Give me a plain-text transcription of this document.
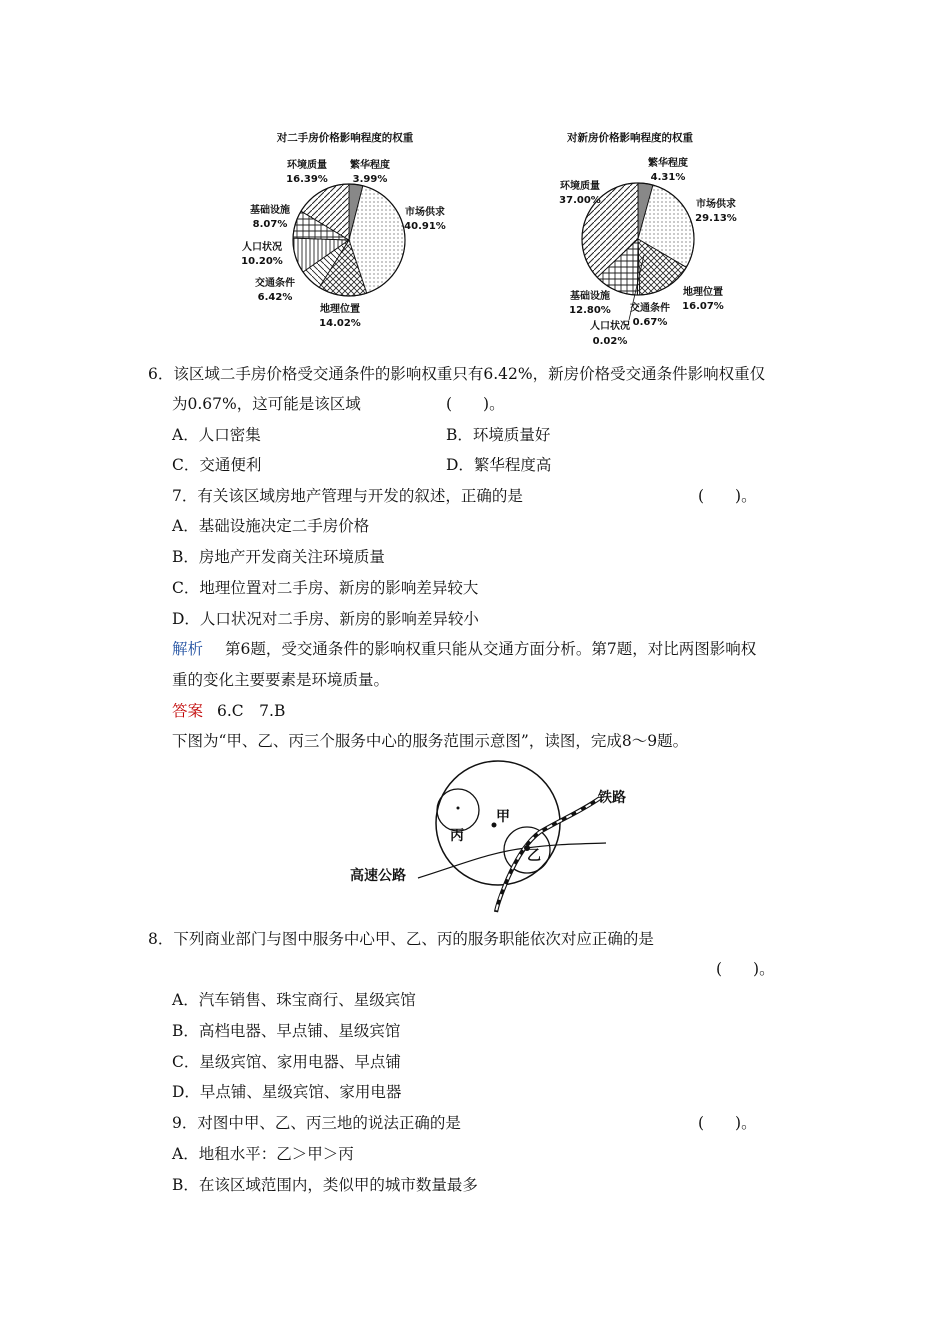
对二手房价格影响程度的权重
环境质量
16.39%
繁华程度
3.99%
基础设施
8.07%
市场供求
40.91%
人口状况
10.20%
交通条件
6.42%
地理位置
14.02%
对新房价格影响程度的权重
繁华程度
4.31%
环境质量
37.00%	市场供求
29.13%
地理位置
16.07%
基础设施
12.80% 交通条件
0.67%
人口状况
0.02%
6．该区域二手房价格受交通条件的影响权重只有6.42%，新房价格受交通条件影响权重仅
为0.67%，这可能是该区域	(　　)。
A．人口密集	B．环境质量好
C．交通便利	D．繁华程度高
7．有关该区域房地产管理与开发的叙述，正确的是	(　　)。
A．基础设施决定二手房价格
B．房地产开发商关注环境质量
C．地理位置对二手房、新房的影响差异较大
D．人口状况对二手房、新房的影响差异较小
解析 第6题，受交通条件的影响权重只能从交通方面分析。第7题，对比两图影响权
重的变化主要要素是环境质量。
答案 6.C　7.B
下图为“甲、乙、丙三个服务中心的服务范围示意图”，读图，完成8～9题。
甲
丙
乙
铁路
高速公路
8．下列商业部门与图中服务中心甲、乙、丙的服务职能依次对应正确的是
(　　)。
A．汽车销售、珠宝商行、星级宾馆
B．高档电器、早点铺、星级宾馆
C．星级宾馆、家用电器、早点铺
D．早点铺、星级宾馆、家用电器
9．对图中甲、乙、丙三地的说法正确的是	(　　)。
A．地租水平：乙＞甲＞丙
B．在该区域范围内，类似甲的城市数量最多
